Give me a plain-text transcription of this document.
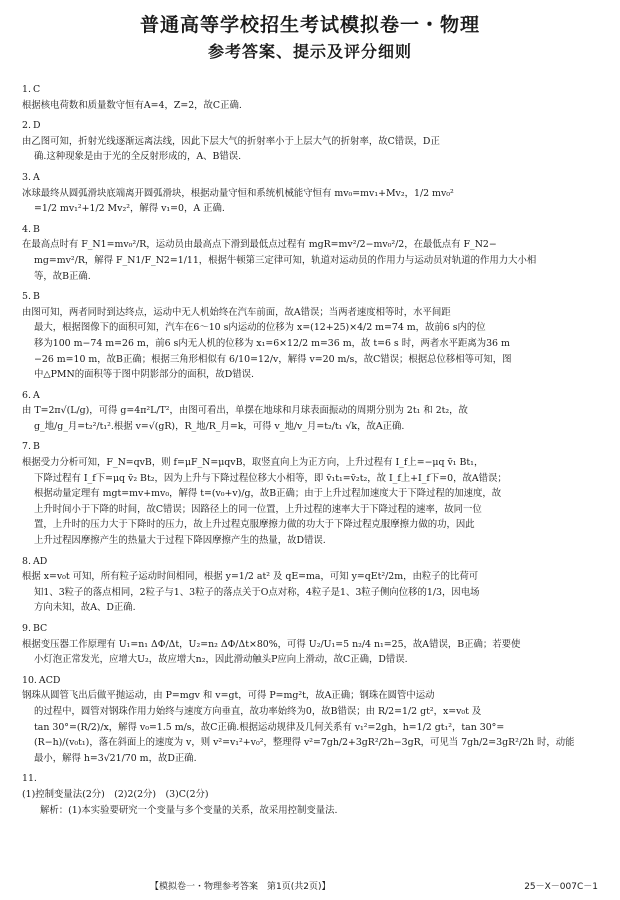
普通高等学校招生考试模拟卷一・物理
参考答案、提示及评分细则
1. C
根据核电荷数和质量数守恒有A=4，Z=2，故C正确.
2. D
由乙图可知，折射光线逐渐远离法线，因此下层大气的折射率小于上层大气的折射率，故C错误，D正
确.这种现象是由于光的全反射形成的，A、B错误.
3. A
冰球最终从圆弧滑块底端离开圆弧滑块，根据动量守恒和系统机械能守恒有 mv₀=mv₁+Mv₂，1/2 mv₀²
=1/2 mv₁²+1/2 Mv₂²，解得 v₁=0，A 正确.
4. B
在最高点时有 F_N1=mv₀²/R，运动员由最高点下滑到最低点过程有 mgR=mv²/2−mv₀²/2，在最低点有 F_N2−
mg=mv²/R，解得 F_N1/F_N2=1/11，根据牛顿第三定律可知，轨道对运动员的作用力与运动员对轨道的作用力大小相
等，故B正确.
5. B
由图可知，两者同时到达终点，运动中无人机始终在汽车前面，故A错误；当两者速度相等时，水平间距
最大，根据图像下的面积可知，汽车在6～10 s内运动的位移为 x=(12+25)×4/2 m=74 m，故前6 s内的位
移为100 m−74 m=26 m，前6 s内无人机的位移为 x₁=6×12/2 m=36 m，故 t=6 s 时，两者水平距离为36 m
−26 m=10 m，故B正确；根据三角形相似有 6/10=12/v，解得 v=20 m/s，故C错误；根据总位移相等可知，图
中△PMN的面积等于图中阴影部分的面积，故D错误.
6. A
由 T=2π√(L/g)，可得 g=4π²L/T²，由图可看出，单摆在地球和月球表面振动的周期分别为 2t₁ 和 2t₂，故
g_地/g_月=t₂²/t₁².根据 v=√(gR)，R_地/R_月=k，可得 v_地/v_月=t₂/t₁ √k，故A正确.
7. B
根据受力分析可知，F_N=qvB，则 f=μF_N=μqvB，取竖直向上为正方向，上升过程有 I_f上=−μq v̄₁ Bt₁，
下降过程有 I_f下=μq v̄₂ Bt₂，因为上升与下降过程位移大小相等，即 v̄₁t₁=v̄₂t₂，故 I_f上+I_f下=0，故A错误；
根据动量定理有 mgt=mv+mv₀，解得 t=(v₀+v)/g，故B正确；由于上升过程加速度大于下降过程的加速度，故
上升时间小于下降的时间，故C错误；因路径上的同一位置，上升过程的速率大于下降过程的速率，故同一位
置，上升时的压力大于下降时的压力，故上升过程克服摩擦力做的功大于下降过程克服摩擦力做的功，因此
上升过程因摩擦产生的热量大于过程下降因摩擦产生的热量，故D错误.
8. AD
根据 x=v₀t 可知，所有粒子运动时间相同，根据 y=1/2 at² 及 qE=ma，可知 y=qEt²/2m，由粒子的比荷可
知1、3粒子的落点相同，2粒子与1、3粒子的落点关于O点对称，4粒子是1、3粒子侧向位移的1/3，因电场
方向未知，故A、D正确.
9. BC
根据变压器工作原理有 U₁=n₁ ΔΦ/Δt，U₂=n₂ ΔΦ/Δt×80%，可得 U₂/U₁=5 n₂/4 n₁=25，故A错误，B正确；若要使
小灯泡正常发光，应增大U₂，故应增大n₂，因此滑动触头P应向上滑动，故C正确，D错误.
10. ACD
钢珠从圆管飞出后做平抛运动，由 P=mgv 和 v=gt，可得 P=mg²t，故A正确；钢珠在圆管中运动
的过程中，圆管对钢珠作用力始终与速度方向垂直，故功率始终为0，故B错误；由 R/2=1/2 gt²，x=v₀t 及
tan 30°=(R/2)/x，解得 v₀=1.5 m/s，故C正确.根据运动规律及几何关系有 v₁²=2gh，h=1/2 gt₁²，tan 30°=
(R−h)/(v₀t₁)，落在斜面上的速度为 v，则 v²=v₁²+v₀²，整理得 v²=7gh/2+3gR²/2h−3gR，可见当 7gh/2=3gR²/2h 时，动能
最小，解得 h=3√21/70 m，故D正确.
11.
(1)控制变量法(2分)　(2)2(2分)　(3)C(2分)
解析：(1)本实验要研究一个变量与多个变量的关系，故采用控制变量法.
【模拟卷一・物理参考答案　第1页(共2页)】	25－X－007C－1
